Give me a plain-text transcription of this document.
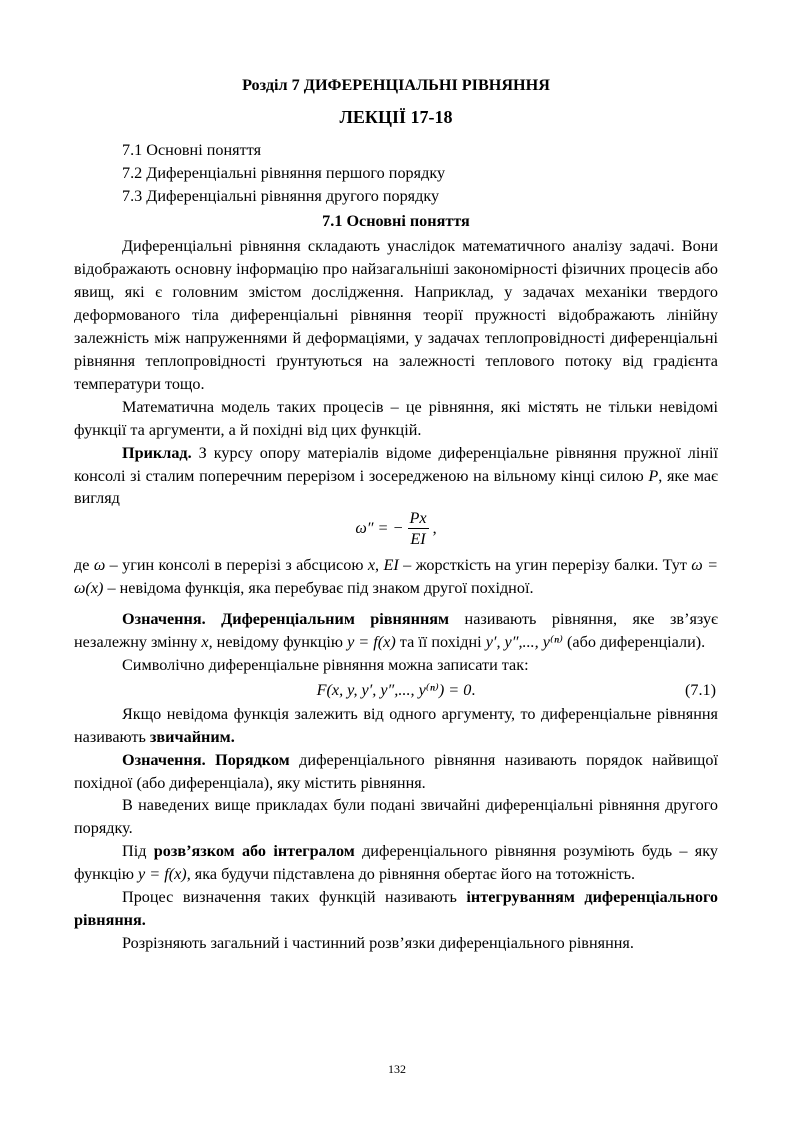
Розділ 7 ДИФЕРЕНЦІАЛЬНІ РІВНЯННЯ
ЛЕКЦІЇ 17-18
7.1 Основні поняття
7.2 Диференціальні рівняння першого порядку
7.3 Диференціальні рівняння другого порядку
7.1 Основні поняття

Диференціальні рівняння складають унаслідок математичного аналізу задачі. Вони відображають основну інформацію про найзагальніші закономірності фізичних процесів або явищ, які є головним змістом дослідження. Наприклад, у задачах механіки твердого деформованого тіла диференціальні рівняння теорії пружності відображають лінійну залежність між напруженнями й деформаціями, у задачах теплопровідності диференціальні рівняння теплопровідності ґрунтуються на залежності теплового потоку від градієнта температури тощо.

Математична модель таких процесів – це рівняння, які містять не тільки невідомі функції та аргументи, а й похідні від цих функцій.

Приклад. З курсу опору матеріалів відоме диференціальне рівняння пружної лінії консолі зі сталим поперечним перерізом і зосередженою на вільному кінці силою P, яке має вигляд

ω″ = − $\frac{Px}{EI}$ ,

де ω – угин консолі в перерізі з абсцисою x, EI – жорсткість на угин перерізу балки. Тут ω = ω(x) – невідома функція, яка перебуває під знаком другої похідної.

Означення. Диференціальним рівнянням називають рівняння, яке зв’язує незалежну змінну x, невідому функцію y = f(x) та її похідні y′, y″,..., y⁽ⁿ⁾ (або диференціали).

Символічно диференціальне рівняння можна записати так:

F(x, y, y′, y″,..., y⁽ⁿ⁾) = 0.	(7.1)

Якщо невідома функція залежить від одного аргументу, то диференціальне рівняння називають звичайним.

Означення. Порядком диференціального рівняння називають порядок найвищої похідної (або диференціала), яку містить рівняння.

В наведених вище прикладах були подані звичайні диференціальні рівняння другого порядку.

Під розв’язком або інтегралом диференціального рівняння розуміють будь – яку функцію y = f(x), яка будучи підставлена до рівняння обертає його на тотожність.

Процес визначення таких функцій називають інтегруванням диференціального рівняння.

Розрізняють загальний і частинний розв’язки диференціального рівняння.

132
